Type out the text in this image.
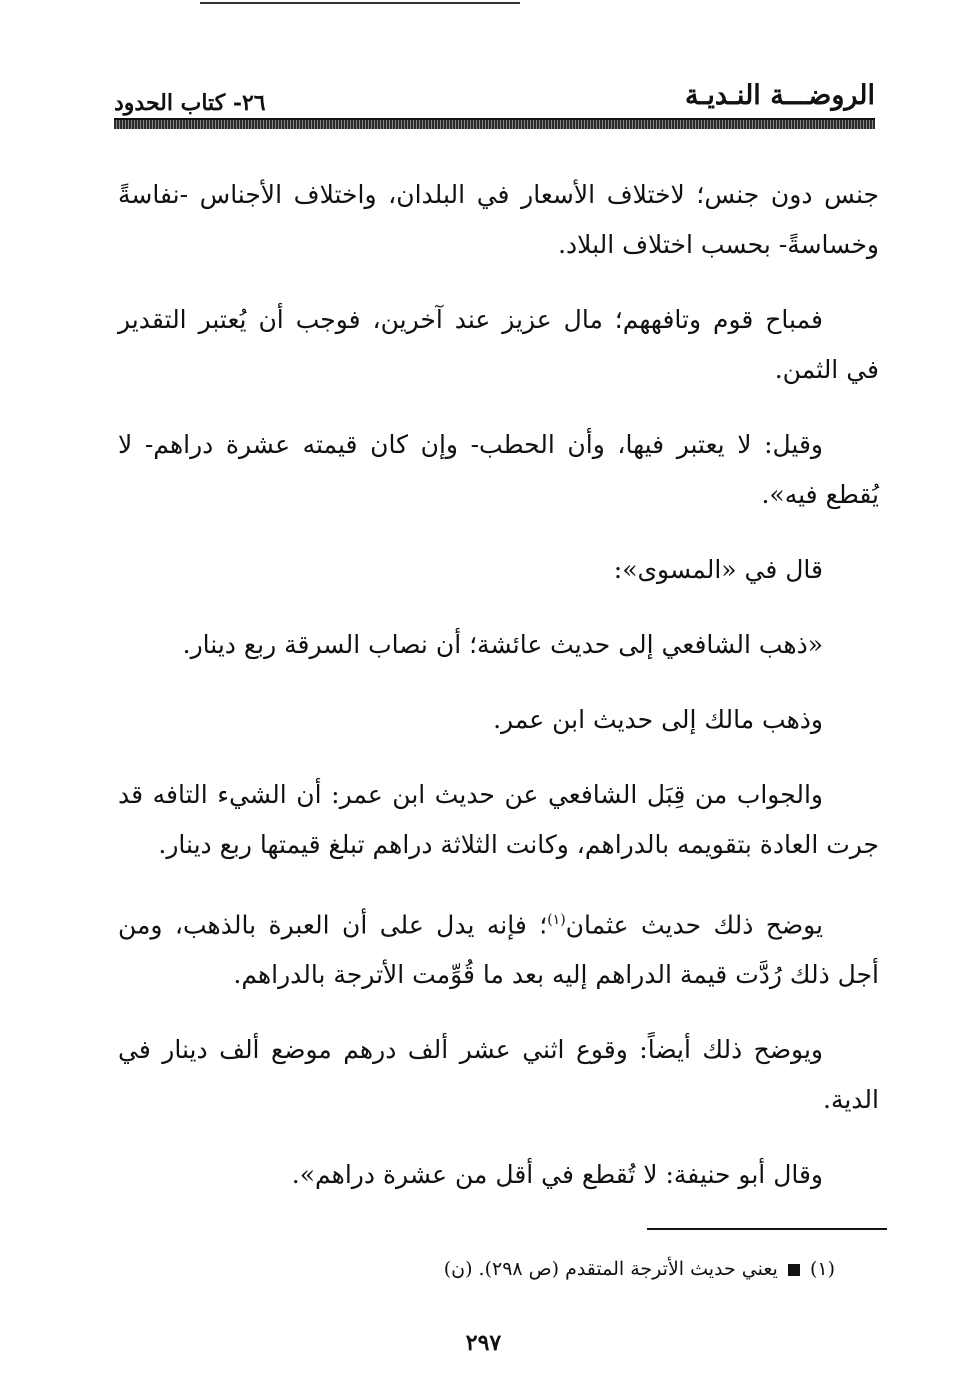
الروضـــة النـديـة
٢٦- كتاب الحدود

جنس دون جنس؛ لاختلاف الأسعار في البلدان، واختلاف الأجناس -نفاسةً وخساسةً- بحسب اختلاف البلاد.

فمباح قوم وتافههم؛ مال عزيز عند آخرين، فوجب أن يُعتبر التقدير في الثمن.

وقيل: لا يعتبر فيها، وأن الحطب- وإن كان قيمته عشرة دراهم- لا يُقطع فيه».

قال في «المسوى»:

«ذهب الشافعي إلى حديث عائشة؛ أن نصاب السرقة ربع دينار.

وذهب مالك إلى حديث ابن عمر.

والجواب من قِبَل الشافعي عن حديث ابن عمر: أن الشيء التافه قد جرت العادة بتقويمه بالدراهم، وكانت الثلاثة دراهم تبلغ قيمتها ربع دينار.

يوضح ذلك حديث عثمان$^{(١)}$؛ فإنه يدل على أن العبرة بالذهب، ومن أجل ذلك رُدَّت قيمة الدراهم إليه بعد ما قُوِّمت الأترجة بالدراهم.

ويوضح ذلك أيضاً: وقوع اثني عشر ألف درهم موضع ألف دينار في الدية.

وقال أبو حنيفة: لا تُقطع في أقل من عشرة دراهم».

(١)  يعني حديث الأترجة المتقدم (ص ٢٩٨). (ن)
٢٩٧
